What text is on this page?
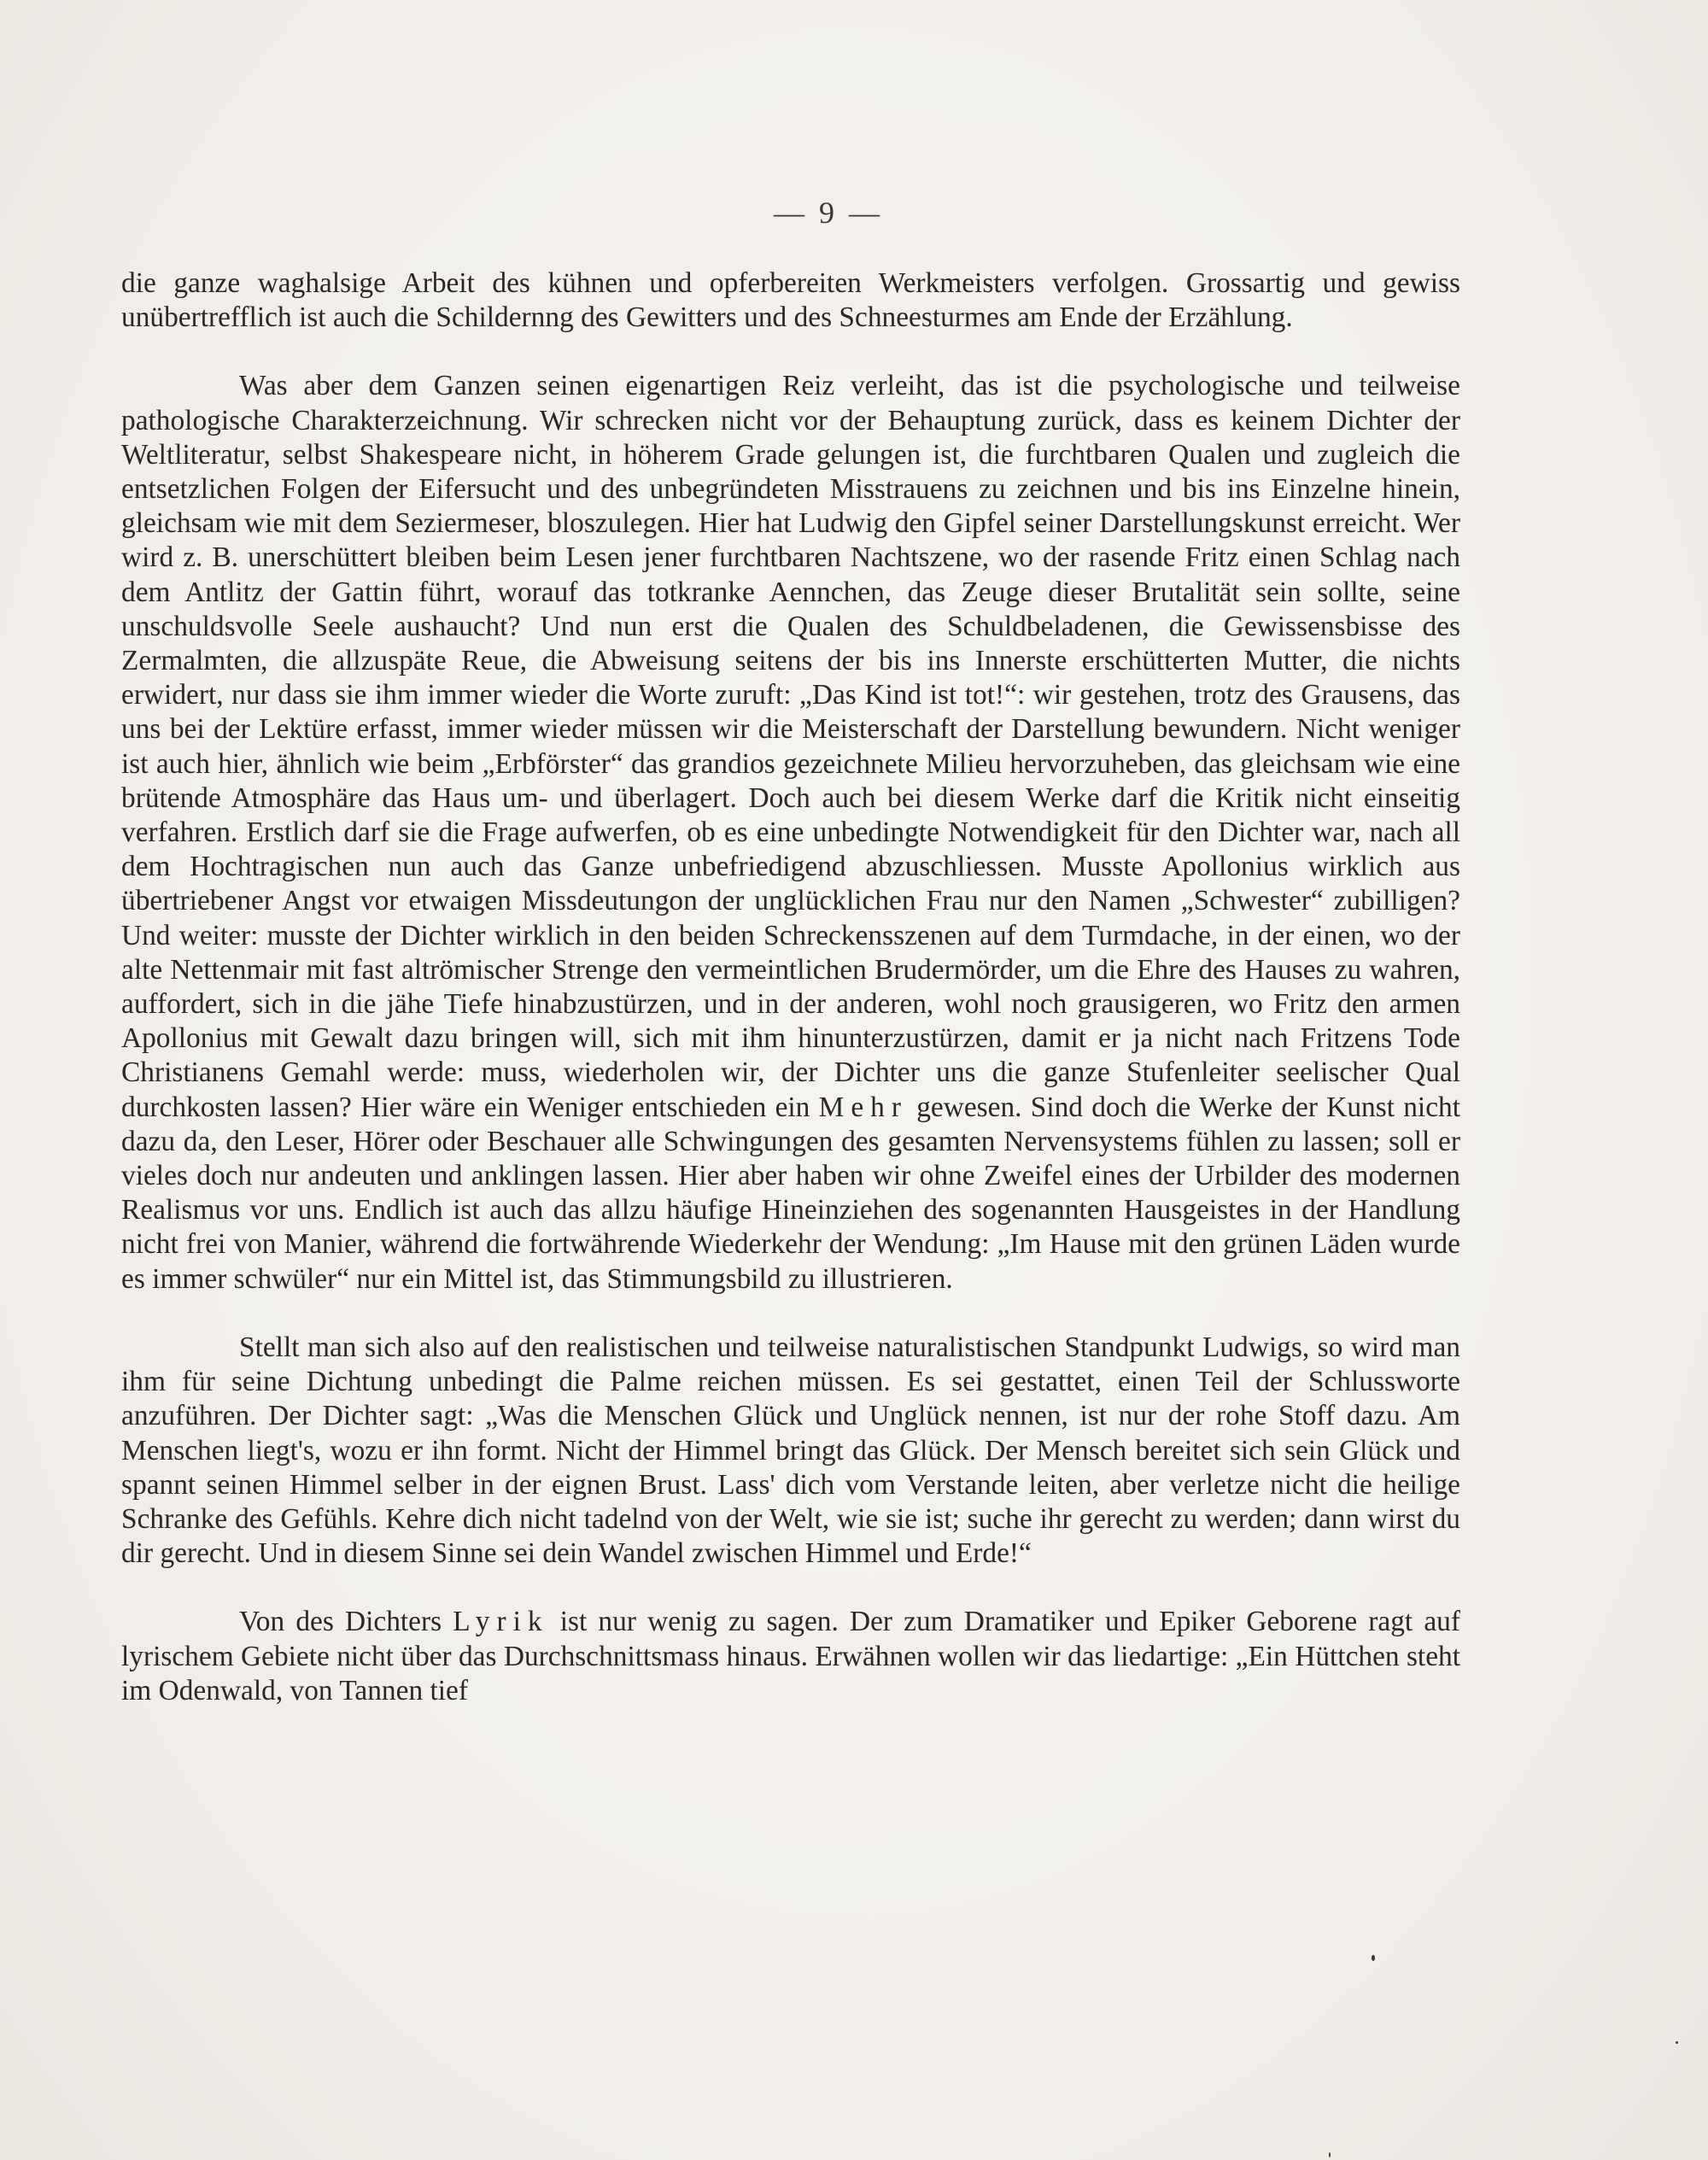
— 9 —

die ganze waghalsige Arbeit des kühnen und opferbereiten Werkmeisters verfolgen. Grossartig und gewiss unübertrefflich ist auch die Schildernng des Gewitters und des Schneesturmes am Ende der Erzählung.

Was aber dem Ganzen seinen eigenartigen Reiz verleiht, das ist die psychologische und teilweise pathologische Charakterzeichnung. Wir schrecken nicht vor der Behauptung zurück, dass es keinem Dichter der Weltliteratur, selbst Shakespeare nicht, in höherem Grade gelungen ist, die furchtbaren Qualen und zugleich die entsetzlichen Folgen der Eifersucht und des unbegründeten Misstrauens zu zeichnen und bis ins Einzelne hinein, gleichsam wie mit dem Seziermeser, bloszulegen. Hier hat Ludwig den Gipfel seiner Darstellungskunst erreicht. Wer wird z. B. unerschüttert bleiben beim Lesen jener furchtbaren Nachtszene, wo der rasende Fritz einen Schlag nach dem Antlitz der Gattin führt, worauf das totkranke Aennchen, das Zeuge dieser Brutalität sein sollte, seine unschuldsvolle Seele aushaucht? Und nun erst die Qualen des Schuldbeladenen, die Gewissensbisse des Zermalmten, die allzuspäte Reue, die Abweisung seitens der bis ins Innerste erschütterten Mutter, die nichts erwidert, nur dass sie ihm immer wieder die Worte zuruft: „Das Kind ist tot!“: wir gestehen, trotz des Grausens, das uns bei der Lektüre erfasst, immer wieder müssen wir die Meisterschaft der Darstellung bewundern. Nicht weniger ist auch hier, ähnlich wie beim „Erbförster“ das grandios gezeichnete Milieu hervorzuheben, das gleichsam wie eine brütende Atmosphäre das Haus um- und überlagert. Doch auch bei diesem Werke darf die Kritik nicht einseitig verfahren. Erstlich darf sie die Frage aufwerfen, ob es eine unbedingte Notwendigkeit für den Dichter war, nach all dem Hochtragischen nun auch das Ganze unbefriedigend abzuschliessen. Musste Apollonius wirklich aus übertriebener Angst vor etwaigen Missdeutungon der unglücklichen Frau nur den Namen „Schwester“ zubilligen? Und weiter: musste der Dichter wirklich in den beiden Schreckensszenen auf dem Turmdache, in der einen, wo der alte Nettenmair mit fast altrömischer Strenge den vermeintlichen Brudermörder, um die Ehre des Hauses zu wahren, auffordert, sich in die jähe Tiefe hinabzustürzen, und in der anderen, wohl noch grausigeren, wo Fritz den armen Apollonius mit Gewalt dazu bringen will, sich mit ihm hinunterzustürzen, damit er ja nicht nach Fritzens Tode Christianens Gemahl werde: muss, wiederholen wir, der Dichter uns die ganze Stufenleiter seelischer Qual durchkosten lassen? Hier wäre ein Weniger entschieden ein Mehr gewesen. Sind doch die Werke der Kunst nicht dazu da, den Leser, Hörer oder Beschauer alle Schwingungen des gesamten Nervensystems fühlen zu lassen; soll er vieles doch nur andeuten und anklingen lassen. Hier aber haben wir ohne Zweifel eines der Urbilder des modernen Realismus vor uns. Endlich ist auch das allzu häufige Hineinziehen des sogenannten Hausgeistes in der Handlung nicht frei von Manier, während die fortwährende Wiederkehr der Wendung: „Im Hause mit den grünen Läden wurde es immer schwüler“ nur ein Mittel ist, das Stimmungsbild zu illustrieren.

Stellt man sich also auf den realistischen und teilweise naturalistischen Standpunkt Ludwigs, so wird man ihm für seine Dichtung unbedingt die Palme reichen müssen. Es sei gestattet, einen Teil der Schlussworte anzuführen. Der Dichter sagt: „Was die Menschen Glück und Unglück nennen, ist nur der rohe Stoff dazu. Am Menschen liegt's, wozu er ihn formt. Nicht der Himmel bringt das Glück. Der Mensch bereitet sich sein Glück und spannt seinen Himmel selber in der eignen Brust. Lass' dich vom Verstande leiten, aber verletze nicht die heilige Schranke des Gefühls. Kehre dich nicht tadelnd von der Welt, wie sie ist; suche ihr gerecht zu werden; dann wirst du dir gerecht. Und in diesem Sinne sei dein Wandel zwischen Himmel und Erde!“

Von des Dichters Lyrik ist nur wenig zu sagen. Der zum Dramatiker und Epiker Geborene ragt auf lyrischem Gebiete nicht über das Durchschnittsmass hinaus. Erwähnen wollen wir das liedartige: „Ein Hüttchen steht im Odenwald, von Tannen tief
